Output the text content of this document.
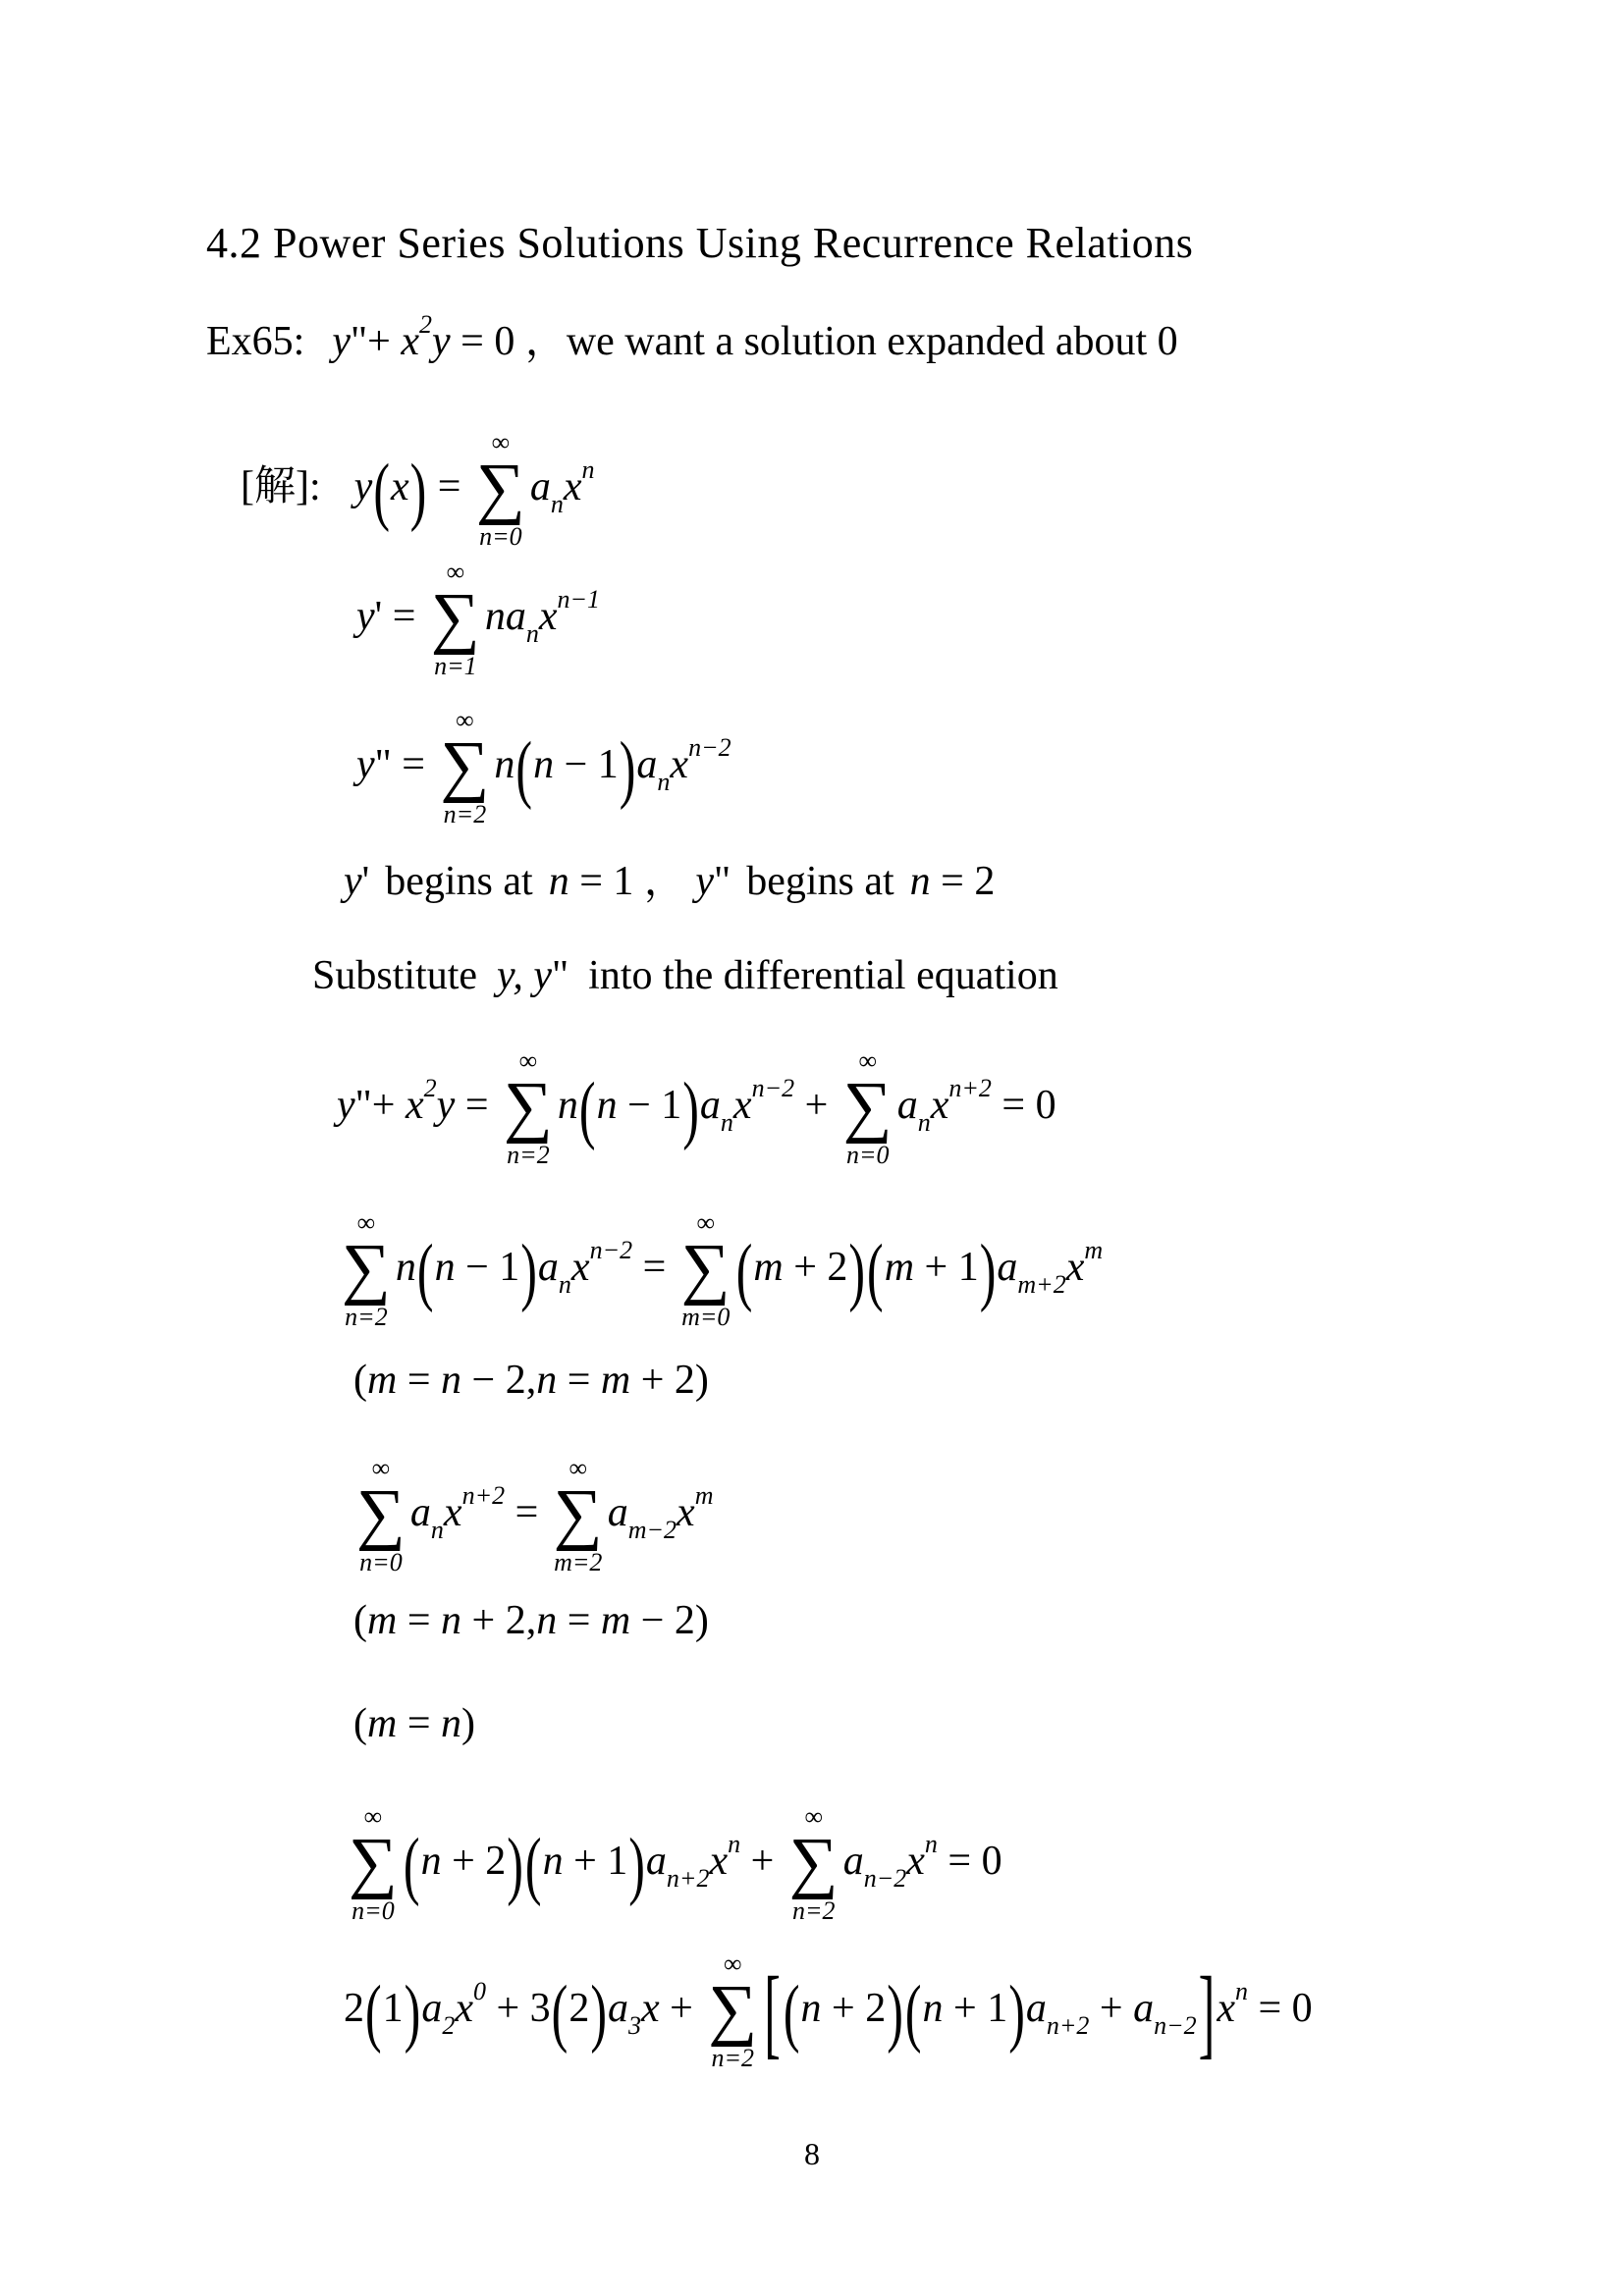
4.2 Power Series Solutions Using Recurrence Relations
Ex65: y"+ $x^2y = 0$ ，we want a solution expanded about 0
[解]: y(x) =
∞
∑
n=0
$a_nx^n$
y' =
∞
∑
n=1
$na_nx^{n-1}$
y" =
∞
∑
n=2
$n(n - 1)a_nx^{n-2}$
y' begins at n = 1 ， y" begins at n = 2
Substitute y, y" into the differential equation
y"+ $x^2y$ =
∞
∑
n=2
$n(n - 1)a_nx^{n-2}$ +
∞
∑
n=0
$a_nx^{n+2} = 0$
∞
∑
n=2
$n(n - 1)a_nx^{n-2}$ =
∞
∑
m=0
$(m + 2)(m + 1)a_{m+2}x^m$
(m = n − 2,n = m + 2)
∞
∑
n=0
$a_nx^{n+2}$ =
∞
∑
m=2
$a_{m-2}x^m$
(m = n + 2,n = m − 2)
(m = n)
∞
∑
n=0
$(n + 2)(n + 1)a_{n+2}x^n$ +
∞
∑
n=2
$a_{n-2}x^n = 0$
$2(1)a_2x^0 + 3(2)a_3x$ +
∞
∑
n=2 $[(n + 2)(n + 1)a_{n+2} + a_{n-2}]x^n = 0$
8
